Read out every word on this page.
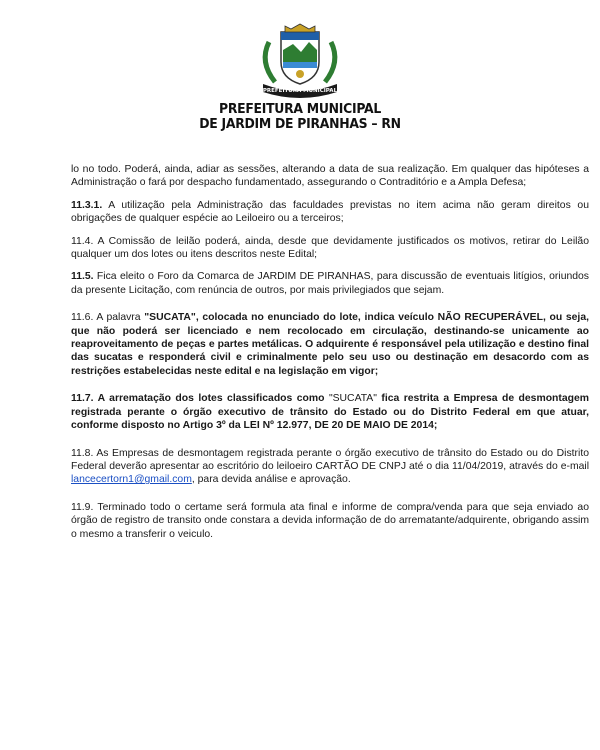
PREFEITURA MUNICIPAL
PREFEITURA MUNICIPAL
DE JARDIM DE PIRANHAS – RN

lo no todo. Poderá, ainda, adiar as sessões, alterando a data de sua realização. Em qualquer das hipóteses a Administração o fará por despacho fundamentado, assegurando o Contraditório e a Ampla Defesa;

11.3.1. A utilização pela Administração das faculdades previstas no item acima não geram direitos ou obrigações de qualquer espécie ao Leiloeiro ou a terceiros;

11.4. A Comissão de leilão poderá, ainda, desde que devidamente justificados os motivos, retirar do Leilão qualquer um dos lotes ou itens descritos neste Edital;

11.5. Fica eleito o Foro da Comarca de JARDIM DE PIRANHAS, para discussão de eventuais litígios, oriundos da presente Licitação, com renúncia de outros, por mais privilegiados que sejam.

11.6. A palavra "SUCATA", colocada no enunciado do lote, indica veículo NÃO RECUPERÁVEL, ou seja, que não poderá ser licenciado e nem recolocado em circulação, destinando-se unicamente ao reaproveitamento de peças e partes metálicas. O adquirente é responsável pela utilização e destino final das sucatas e responderá civil e criminalmente pelo seu uso ou destinação em desacordo com as restrições estabelecidas neste edital e na legislação em vigor;

11.7. A arrematação dos lotes classificados como "SUCATA" fica restrita a Empresa de desmontagem registrada perante o órgão executivo de trânsito do Estado ou do Distrito Federal em que atuar, conforme disposto no Artigo 3º da LEI Nº 12.977, DE 20 DE MAIO DE 2014;

11.8. As Empresas de desmontagem registrada perante o órgão executivo de trânsito do Estado ou do Distrito Federal deverão apresentar ao escritório do leiloeiro CARTÃO DE CNPJ até o dia 11/04/2019, através do e-mail lancecertorn1@gmail.com, para devida análise e aprovação.

11.9. Terminado todo o certame será formula ata final e informe de compra/venda para que seja enviado ao órgão de registro de transito onde constara a devida informação de do arrematante/adquirente, obrigando assim o mesmo a transferir o veiculo.
